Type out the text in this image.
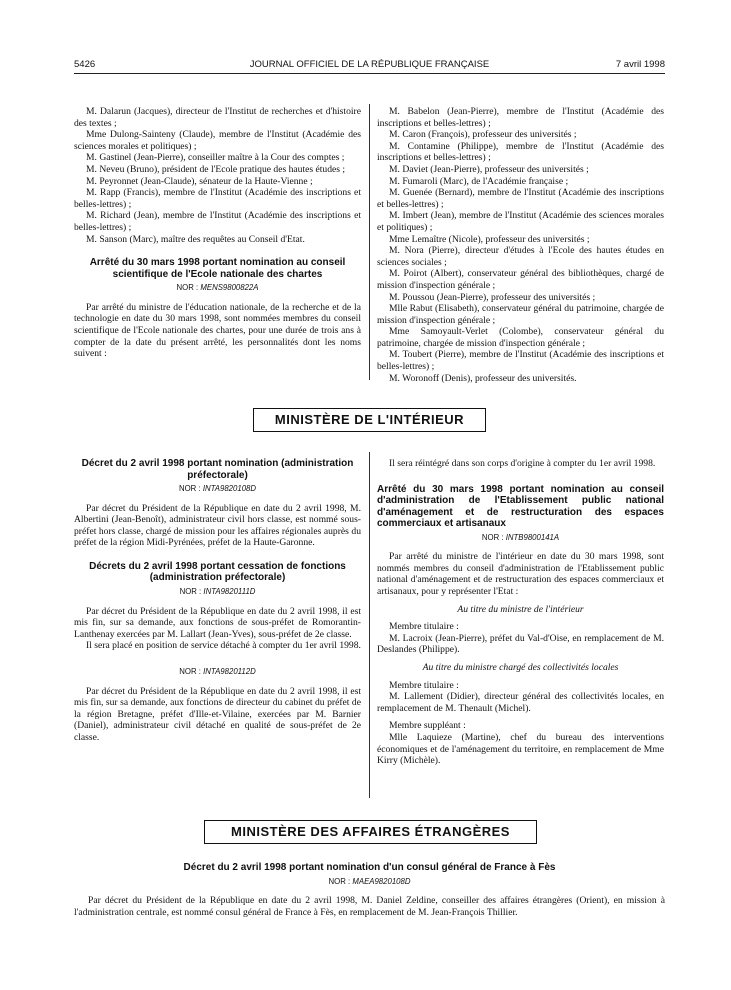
5426	JOURNAL OFFICIEL DE LA RÉPUBLIQUE FRANÇAISE	7 avril 1998

M. Dalarun (Jacques), directeur de l'Institut de recherches et d'histoire des textes ;

Mme Dulong-Sainteny (Claude), membre de l'Institut (Académie des sciences morales et politiques) ;

M. Gastinel (Jean-Pierre), conseiller maître à la Cour des comptes ;

M. Neveu (Bruno), président de l'Ecole pratique des hautes études ;

M. Peyronnet (Jean-Claude), sénateur de la Haute-Vienne ;

M. Rapp (Francis), membre de l'Institut (Académie des inscriptions et belles-lettres) ;

M. Richard (Jean), membre de l'Institut (Académie des inscriptions et belles-lettres) ;

M. Sanson (Marc), maître des requêtes au Conseil d'Etat.

Arrêté du 30 mars 1998 portant nomination au conseil scientifique de l'Ecole nationale des chartes
NOR : MENS9800822A

Par arrêté du ministre de l'éducation nationale, de la recherche et de la technologie en date du 30 mars 1998, sont nommées membres du conseil scientifique de l'Ecole nationale des chartes, pour une durée de trois ans à compter de la date du présent arrêté, les personnalités dont les noms suivent :

M. Babelon (Jean-Pierre), membre de l'Institut (Académie des inscriptions et belles-lettres) ;

M. Caron (François), professeur des universités ;

M. Contamine (Philippe), membre de l'Institut (Académie des inscriptions et belles-lettres) ;

M. Daviet (Jean-Pierre), professeur des universités ;

M. Fumaroli (Marc), de l'Académie française ;

M. Guenée (Bernard), membre de l'Institut (Académie des inscriptions et belles-lettres) ;

M. Imbert (Jean), membre de l'Institut (Académie des sciences morales et politiques) ;

Mme Lemaître (Nicole), professeur des universités ;

M. Nora (Pierre), directeur d'études à l'Ecole des hautes études en sciences sociales ;

M. Poirot (Albert), conservateur général des bibliothèques, chargé de mission d'inspection générale ;

M. Poussou (Jean-Pierre), professeur des universités ;

Mlle Rabut (Elisabeth), conservateur général du patrimoine, chargée de mission d'inspection générale ;

Mme Samoyault-Verlet (Colombe), conservateur général du patrimoine, chargée de mission d'inspection générale ;

M. Toubert (Pierre), membre de l'Institut (Académie des inscriptions et belles-lettres) ;

M. Woronoff (Denis), professeur des universités.

MINISTÈRE DE L'INTÉRIEUR
Décret du 2 avril 1998 portant nomination (administration préfectorale)
NOR : INTA9820108D

Par décret du Président de la République en date du 2 avril 1998, M. Albertini (Jean-Benoît), administrateur civil hors classe, est nommé sous-préfet hors classe, chargé de mission pour les affaires régionales auprès du préfet de la région Midi-Pyrénées, préfet de la Haute-Garonne.

Décrets du 2 avril 1998 portant cessation de fonctions (administration préfectorale)
NOR : INTA9820111D

Par décret du Président de la République en date du 2 avril 1998, il est mis fin, sur sa demande, aux fonctions de sous-préfet de Romorantin-Lanthenay exercées par M. Lallart (Jean-Yves), sous-préfet de 2e classe.

Il sera placé en position de service détaché à compter du 1er avril 1998.

NOR : INTA9820112D

Par décret du Président de la République en date du 2 avril 1998, il est mis fin, sur sa demande, aux fonctions de directeur du cabinet du préfet de la région Bretagne, préfet d'Ille-et-Vilaine, exercées par M. Barnier (Daniel), administrateur civil détaché en qualité de sous-préfet de 2e classe.

Il sera réintégré dans son corps d'origine à compter du 1er avril 1998.

Arrêté du 30 mars 1998 portant nomination au conseil d'administration de l'Etablissement public national d'aménagement et de restructuration des espaces commerciaux et artisanaux
NOR : INTB9800141A

Par arrêté du ministre de l'intérieur en date du 30 mars 1998, sont nommés membres du conseil d'administration de l'Etablissement public national d'aménagement et de restructuration des espaces commerciaux et artisanaux, pour y représenter l'Etat :

Au titre du ministre de l'intérieur

Membre titulaire :

M. Lacroix (Jean-Pierre), préfet du Val-d'Oise, en remplacement de M. Deslandes (Philippe).

Au titre du ministre chargé des collectivités locales

Membre titulaire :

M. Lallement (Didier), directeur général des collectivités locales, en remplacement de M. Thenault (Michel).

Membre suppléant :

Mlle Laquieze (Martine), chef du bureau des interventions économiques et de l'aménagement du territoire, en remplacement de Mme Kirry (Michèle).

MINISTÈRE DES AFFAIRES ÉTRANGÈRES
Décret du 2 avril 1998 portant nomination d'un consul général de France à Fès
NOR : MAEA9820108D

Par décret du Président de la République en date du 2 avril 1998, M. Daniel Zeldine, conseiller des affaires étrangères (Orient), en mission à l'administration centrale, est nommé consul général de France à Fès, en remplacement de M. Jean-François Thillier.
